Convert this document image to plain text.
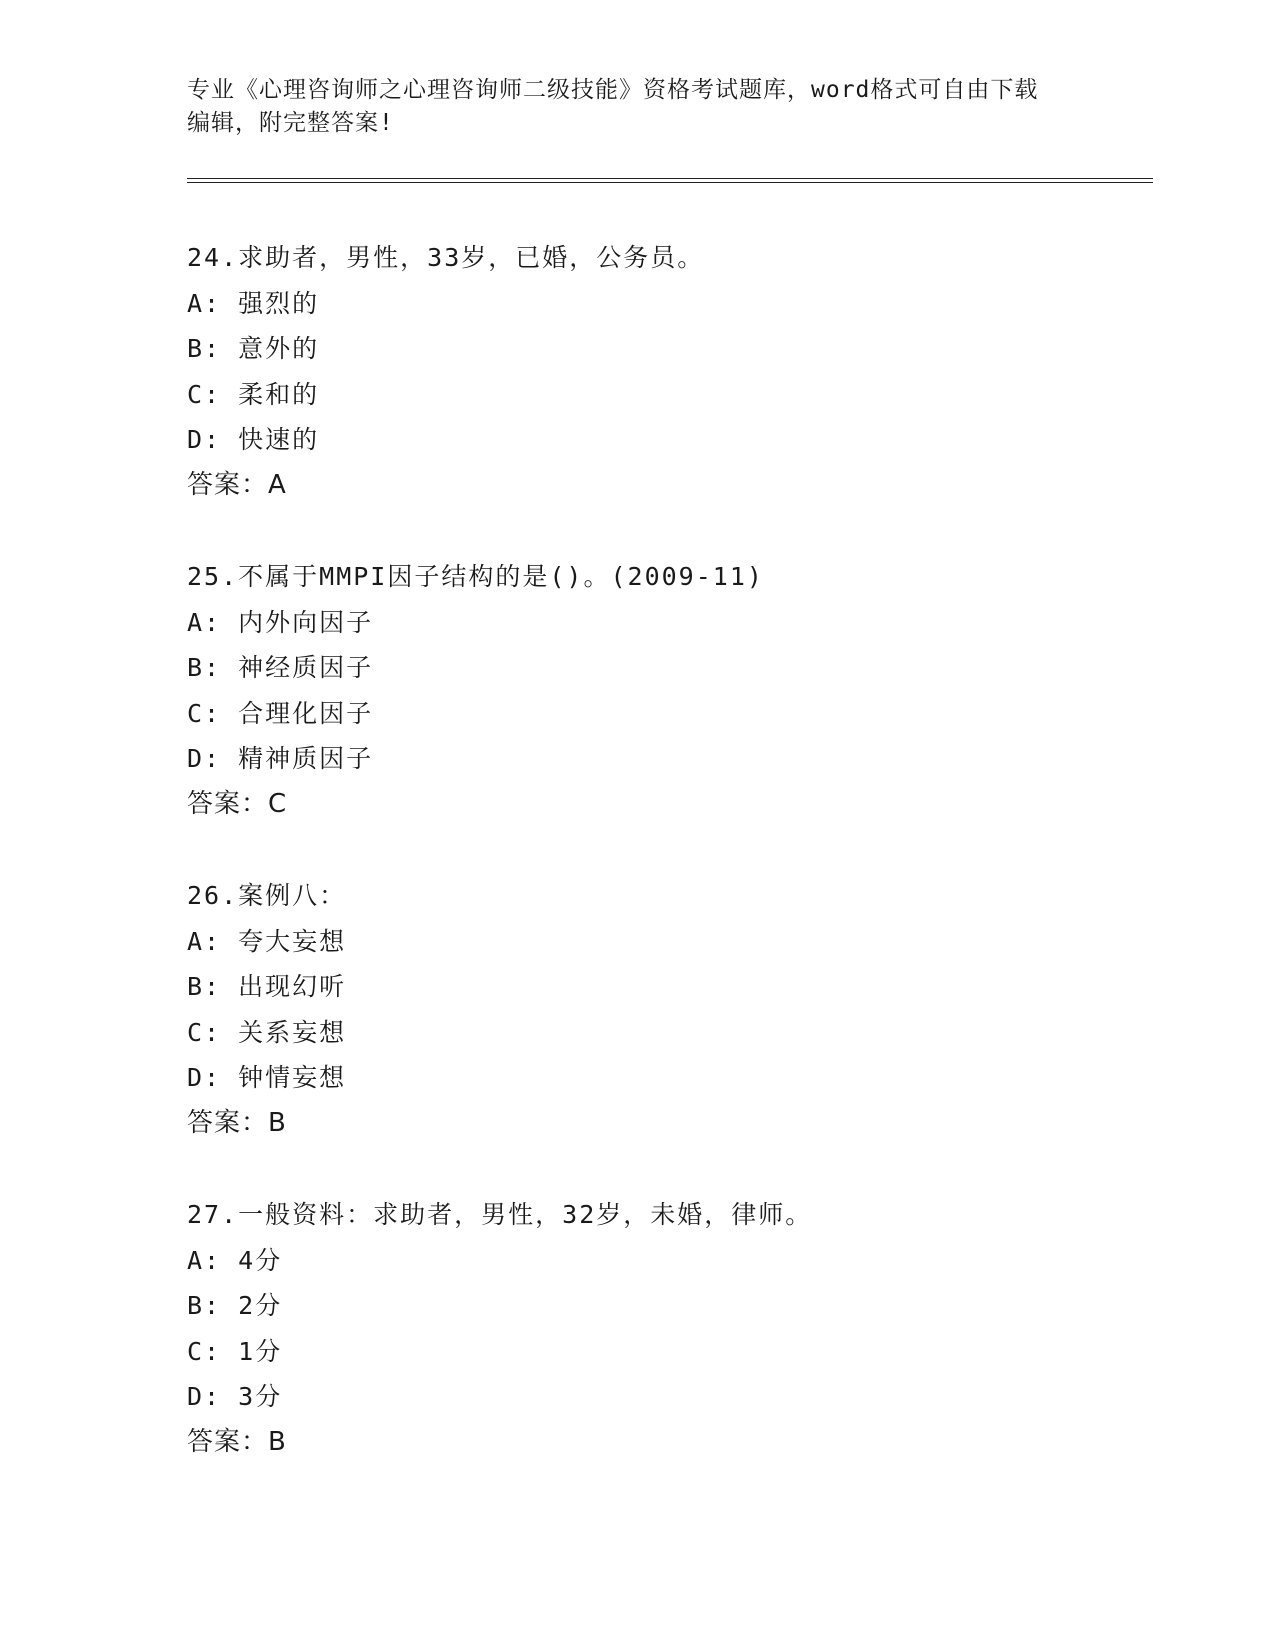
专业《心理咨询师之心理咨询师二级技能》资格考试题库，word格式可自由下载
编辑，附完整答案!
24.求助者，男性，33岁，已婚，公务员。
A: 强烈的
B: 意外的
C: 柔和的
D: 快速的
答案：A
25.不属于MMPI因子结构的是()。(2009-11)
A: 内外向因子
B: 神经质因子
C: 合理化因子
D: 精神质因子
答案：C
26.案例八：
A: 夸大妄想
B: 出现幻听
C: 关系妄想
D: 钟情妄想
答案：B
27.一般资料：求助者，男性，32岁，未婚，律师。
A: 4分
B: 2分
C: 1分
D: 3分
答案：B
